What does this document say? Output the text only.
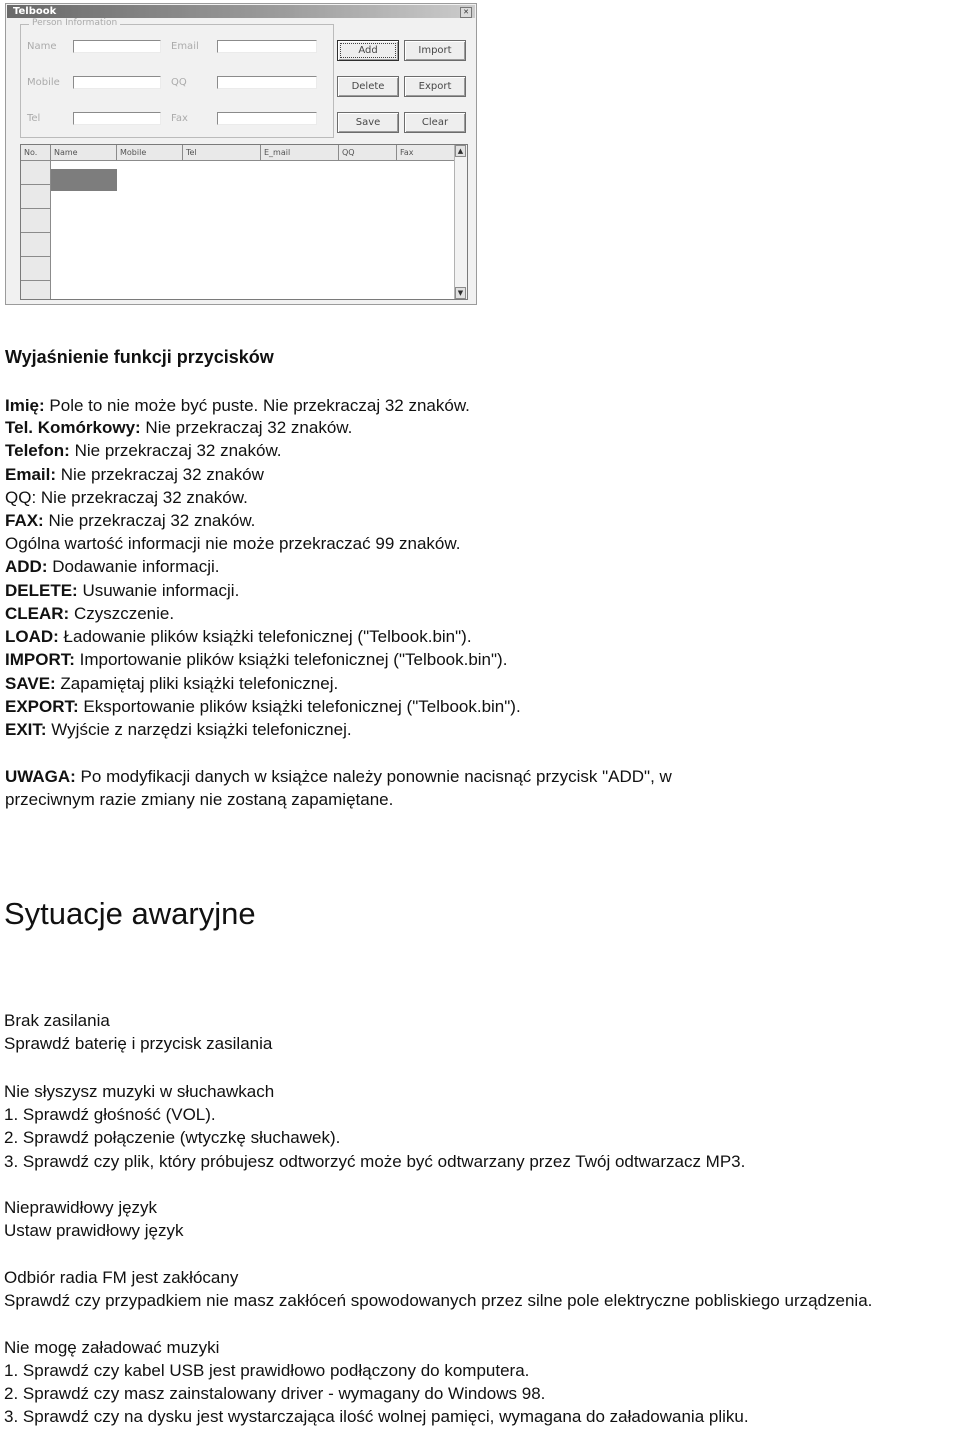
Telbook	✕
Person Information
Name	Email
Mobile	QQ
Tel	Fax
Add	Import
Delete	Export
Save	Clear
No.	Name	Mobile	Tel	E_mail	QQ	Fax	▲
▼
Wyjaśnienie funkcji przycisków
Imię: Pole to nie może być puste. Nie przekraczaj 32 znaków.
Tel. Komórkowy: Nie przekraczaj 32 znaków.
Telefon: Nie przekraczaj 32 znaków.
Email: Nie przekraczaj 32 znaków
QQ: Nie przekraczaj 32 znaków.
FAX: Nie przekraczaj 32 znaków.
Ogólna wartość informacji nie może przekraczać 99 znaków.
ADD: Dodawanie informacji.
DELETE: Usuwanie informacji.
CLEAR: Czyszczenie.
LOAD: Ładowanie plików książki telefonicznej ("Telbook.bin").
IMPORT: Importowanie plików książki telefonicznej ("Telbook.bin").
SAVE: Zapamiętaj pliki książki telefonicznej.
EXPORT: Eksportowanie plików książki telefonicznej ("Telbook.bin").
EXIT: Wyjście z narzędzi książki telefonicznej.
UWAGA: Po modyfikacji danych w książce należy ponownie nacisnąć przycisk "ADD", w
przeciwnym razie zmiany nie zostaną zapamiętane.
Sytuacje awaryjne
Brak zasilania
Sprawdź baterię i przycisk zasilania
Nie słyszysz muzyki w słuchawkach
1. Sprawdź głośność (VOL).
2. Sprawdź połączenie (wtyczkę słuchawek).
3. Sprawdź czy plik, który próbujesz odtworzyć może być odtwarzany przez Twój odtwarzacz MP3.
Nieprawidłowy język
Ustaw prawidłowy język
Odbiór radia FM jest zakłócany
Sprawdź czy przypadkiem nie masz zakłóceń spowodowanych przez silne pole elektryczne pobliskiego urządzenia.
Nie mogę załadować muzyki
1. Sprawdź czy kabel USB jest prawidłowo podłączony do komputera.
2. Sprawdź czy masz zainstalowany driver - wymagany do Windows 98.
3. Sprawdź czy na dysku jest wystarczająca ilość wolnej pamięci, wymagana do załadowania pliku.
